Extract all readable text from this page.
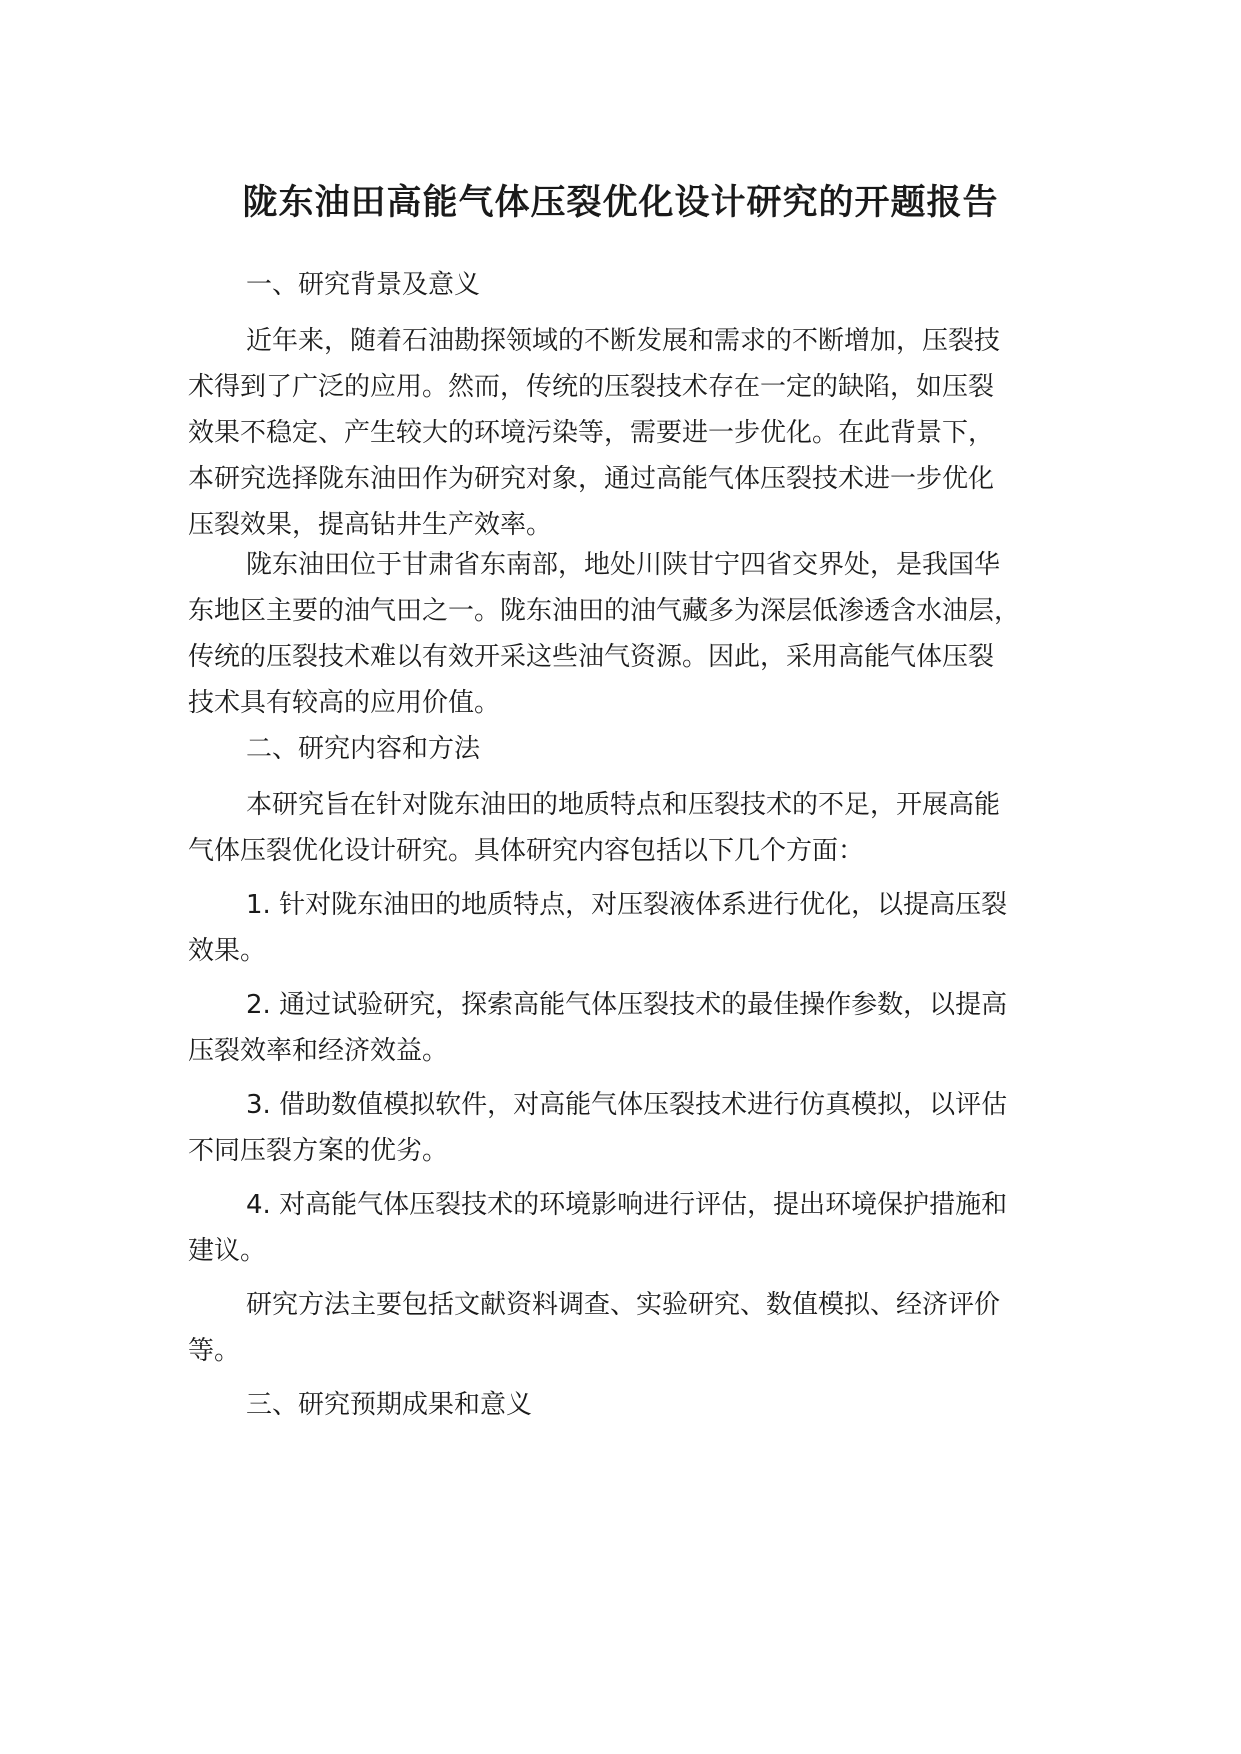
陇东油田高能气体压裂优化设计研究的开题报告
一、研究背景及意义
近年来，随着石油勘探领域的不断发展和需求的不断增加，压裂技
术得到了广泛的应用。然而，传统的压裂技术存在一定的缺陷，如压裂
效果不稳定、产生较大的环境污染等，需要进一步优化。在此背景下，
本研究选择陇东油田作为研究对象，通过高能气体压裂技术进一步优化
压裂效果，提高钻井生产效率。
陇东油田位于甘肃省东南部，地处川陕甘宁四省交界处，是我国华
东地区主要的油气田之一。陇东油田的油气藏多为深层低渗透含水油层，
传统的压裂技术难以有效开采这些油气资源。因此，采用高能气体压裂
技术具有较高的应用价值。
二、研究内容和方法
本研究旨在针对陇东油田的地质特点和压裂技术的不足，开展高能
气体压裂优化设计研究。具体研究内容包括以下几个方面：
1. 针对陇东油田的地质特点，对压裂液体系进行优化，以提高压裂
效果。
2. 通过试验研究，探索高能气体压裂技术的最佳操作参数，以提高
压裂效率和经济效益。
3. 借助数值模拟软件，对高能气体压裂技术进行仿真模拟，以评估
不同压裂方案的优劣。
4. 对高能气体压裂技术的环境影响进行评估，提出环境保护措施和
建议。
研究方法主要包括文献资料调查、实验研究、数值模拟、经济评价
等。
三、研究预期成果和意义
